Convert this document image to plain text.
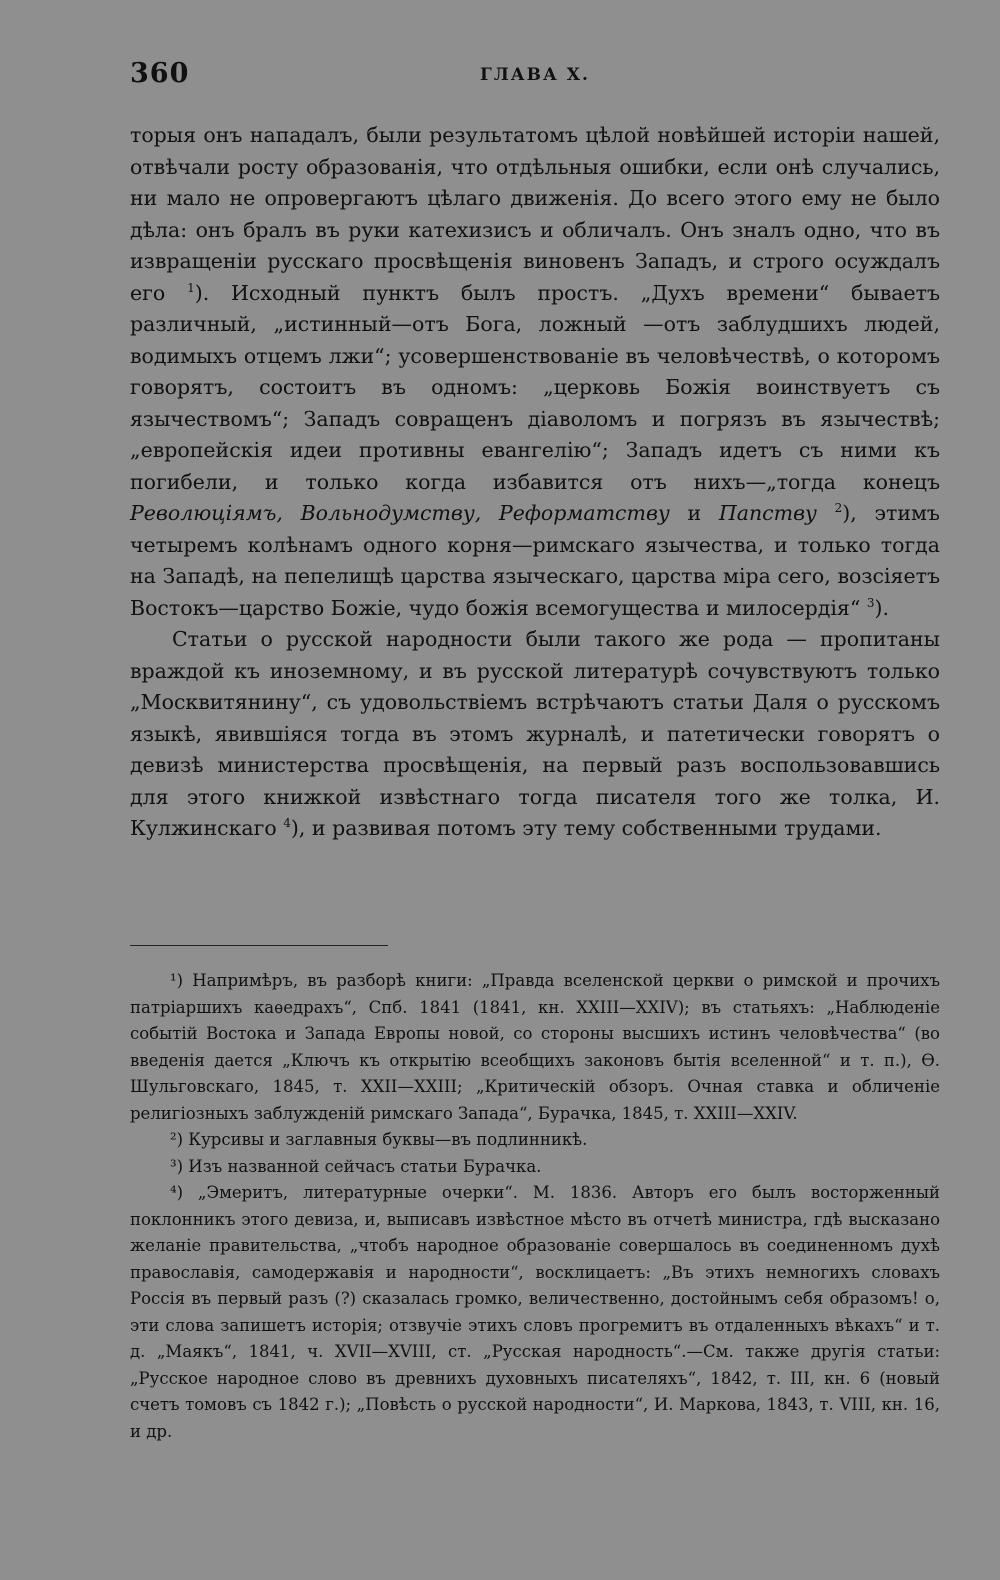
360	ГЛАВА X.

торыя онъ нападалъ, были результатомъ цѣлой новѣйшей исторіи нашей, отвѣчали росту образованія, что отдѣльныя ошибки, если онѣ случались, ни мало не опровергаютъ цѣлаго движенія. До всего этого ему не было дѣла: онъ бралъ въ руки катехизисъ и обличалъ. Онъ зналъ одно, что въ извращеніи русскаго просвѣщенія виновенъ Западъ, и строго осуждалъ его $^1$). Исходный пунктъ былъ простъ. „Духъ времени“ бываетъ различный, „истинный—отъ Бога, ложный —отъ заблудшихъ людей, водимыхъ отцемъ лжи“; усовершенствованіе въ человѣчествѣ, о которомъ говорятъ, состоитъ въ одномъ: „церковь Божія воинствуетъ съ язычествомъ“; Западъ совращенъ діаволомъ и погрязъ въ язычествѣ; „европейскія идеи противны евангелію“; Западъ идетъ съ ними къ погибели, и только когда избавится отъ нихъ—„тогда конецъ Революціямъ, Вольнодумству, Реформатству и Папству $^2$), этимъ четыремъ колѣнамъ одного корня—римскаго язычества, и только тогда на Западѣ, на пепелищѣ царства языческаго, царства міра сего, возсіяетъ Востокъ—царство Божіе, чудо божія всемогущества и милосердія“ $^3$).

Статьи о русской народности были такого же рода — пропитаны враждой къ иноземному, и въ русской литературѣ сочувствуютъ только „Москвитянину“, съ удовольствіемъ встрѣчаютъ статьи Даля о русскомъ языкѣ, явившіяся тогда въ этомъ журналѣ, и патетически говорятъ о девизѣ министерства просвѣщенія, на первый разъ воспользовавшись для этого книжкой извѣстнаго тогда писателя того же толка, И. Кулжинскаго $^4$), и развивая потомъ эту тему собственными трудами.

¹) Напримѣръ, въ разборѣ книги: „Правда вселенской церкви о римской и прочихъ патріаршихъ каѳедрахъ“, Спб. 1841 (1841, кн. XXIII—XXIV); въ статьяхъ: „Наблюденіе событій Востока и Запада Европы новой, со стороны высшихъ истинъ человѣчества“ (во введенія дается „Ключъ къ открытію всеобщихъ законовъ бытія вселенной“ и т. п.), Ѳ. Шульговскаго, 1845, т. XXII—XXIII; „Критическій обзоръ. Очная ставка и обличеніе религіозныхъ заблужденій римскаго Запада“, Бурачка, 1845, т. XXIII—XXIV.

²) Курсивы и заглавныя буквы—въ подлинникѣ.

³) Изъ названной сейчасъ статьи Бурачка.

⁴) „Эмеритъ, литературные очерки“. М. 1836. Авторъ его былъ восторженный поклонникъ этого девиза, и, выписавъ извѣстное мѣсто въ отчетѣ министра, гдѣ высказано желаніе правительства, „чтобъ народное образованіе совершалось въ соединенномъ духѣ православія, самодержавія и народности“, восклицаетъ: „Въ этихъ немногихъ словахъ Россія въ первый разъ (?) сказалась громко, величественно, достойнымъ себя образомъ! о, эти слова запишетъ исторія; отзвучіе этихъ словъ прогремитъ въ отдаленныхъ вѣкахъ“ и т. д. „Маякъ“, 1841, ч. XVII—XVIII, ст. „Русская народность“.—См. также другія статьи: „Русское народное слово въ древнихъ духовныхъ писателяхъ“, 1842, т. III, кн. 6 (новый счетъ томовъ съ 1842 г.); „Повѣсть о русской народности“, И. Маркова, 1843, т. VIII, кн. 16, и др.
